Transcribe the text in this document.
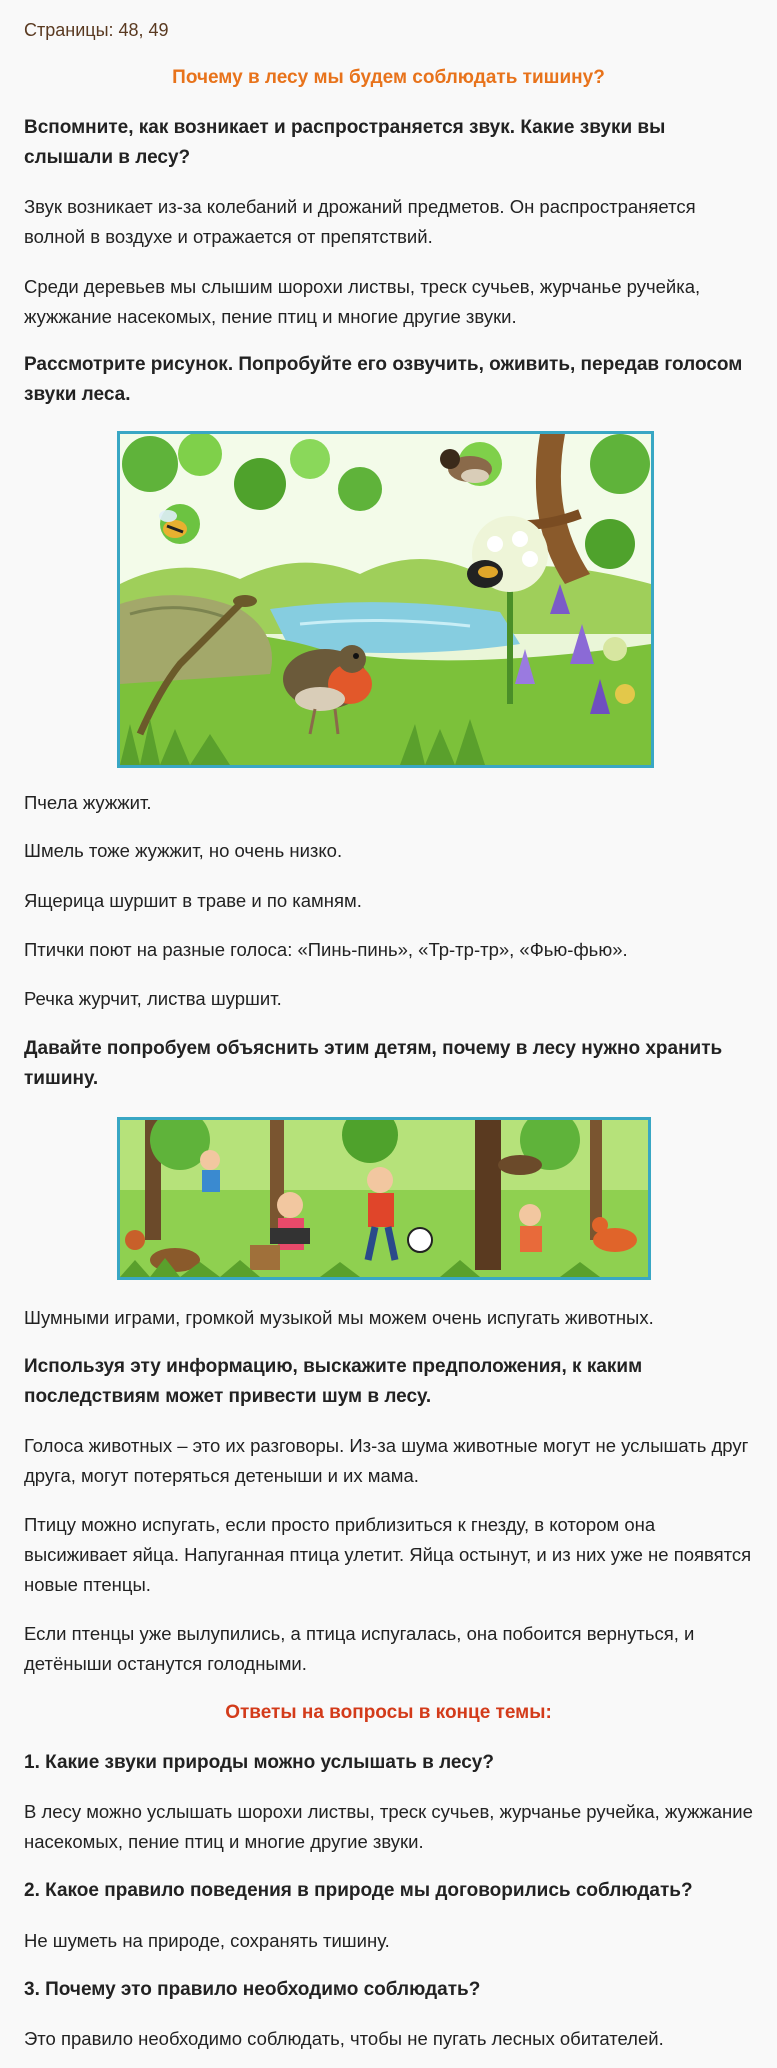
Страницы: 48, 49
Почему в лесу мы будем соблюдать тишину?
Вспомните, как возникает и распространяется звук. Какие звуки вы слышали в лесу?
Звук возникает из-за колебаний и дрожаний предметов. Он распространяется волной в воздухе и отражается от препятствий.
Среди деревьев мы слышим шорохи листвы, треск сучьев, журчанье ручейка, жужжание насекомых, пение птиц и многие другие звуки.
Рассмотрите рисунок. Попробуйте его озвучить, оживить, передав голосом звуки леса.
Пчела жужжит.
Шмель тоже жужжит, но очень низко.
Ящерица шуршит в траве и по камням.
Птички поют на разные голоса: «Пинь-пинь», «Тр-тр-тр», «Фью-фью».
Речка журчит, листва шуршит.
Давайте попробуем объяснить этим детям, почему в лесу нужно хранить тишину.
Шумными играми, громкой музыкой мы можем очень испугать животных.
Используя эту информацию, выскажите предположения, к каким последствиям может привести шум в лесу.
Голоса животных – это их разговоры. Из-за шума животные могут не услышать друг друга, могут потеряться детеныши и их мама.
Птицу можно испугать, если просто приблизиться к гнезду, в котором она высиживает яйца. Напуганная птица улетит. Яйца остынут, и из них уже не появятся новые птенцы.
Если птенцы уже вылупились, а птица испугалась, она побоится вернуться, и детёныши останутся голодными.
Ответы на вопросы в конце темы:
1. Какие звуки природы можно услышать в лесу?
В лесу можно услышать шорохи листвы, треск сучьев, журчанье ручейка, жужжание насекомых, пение птиц и многие другие звуки.
2. Какое правило поведения в природе мы договорились соблюдать?
Не шуметь на природе, сохранять тишину.
3. Почему это правило необходимо соблюдать?
Это правило необходимо соблюдать, чтобы не пугать лесных обитателей.
